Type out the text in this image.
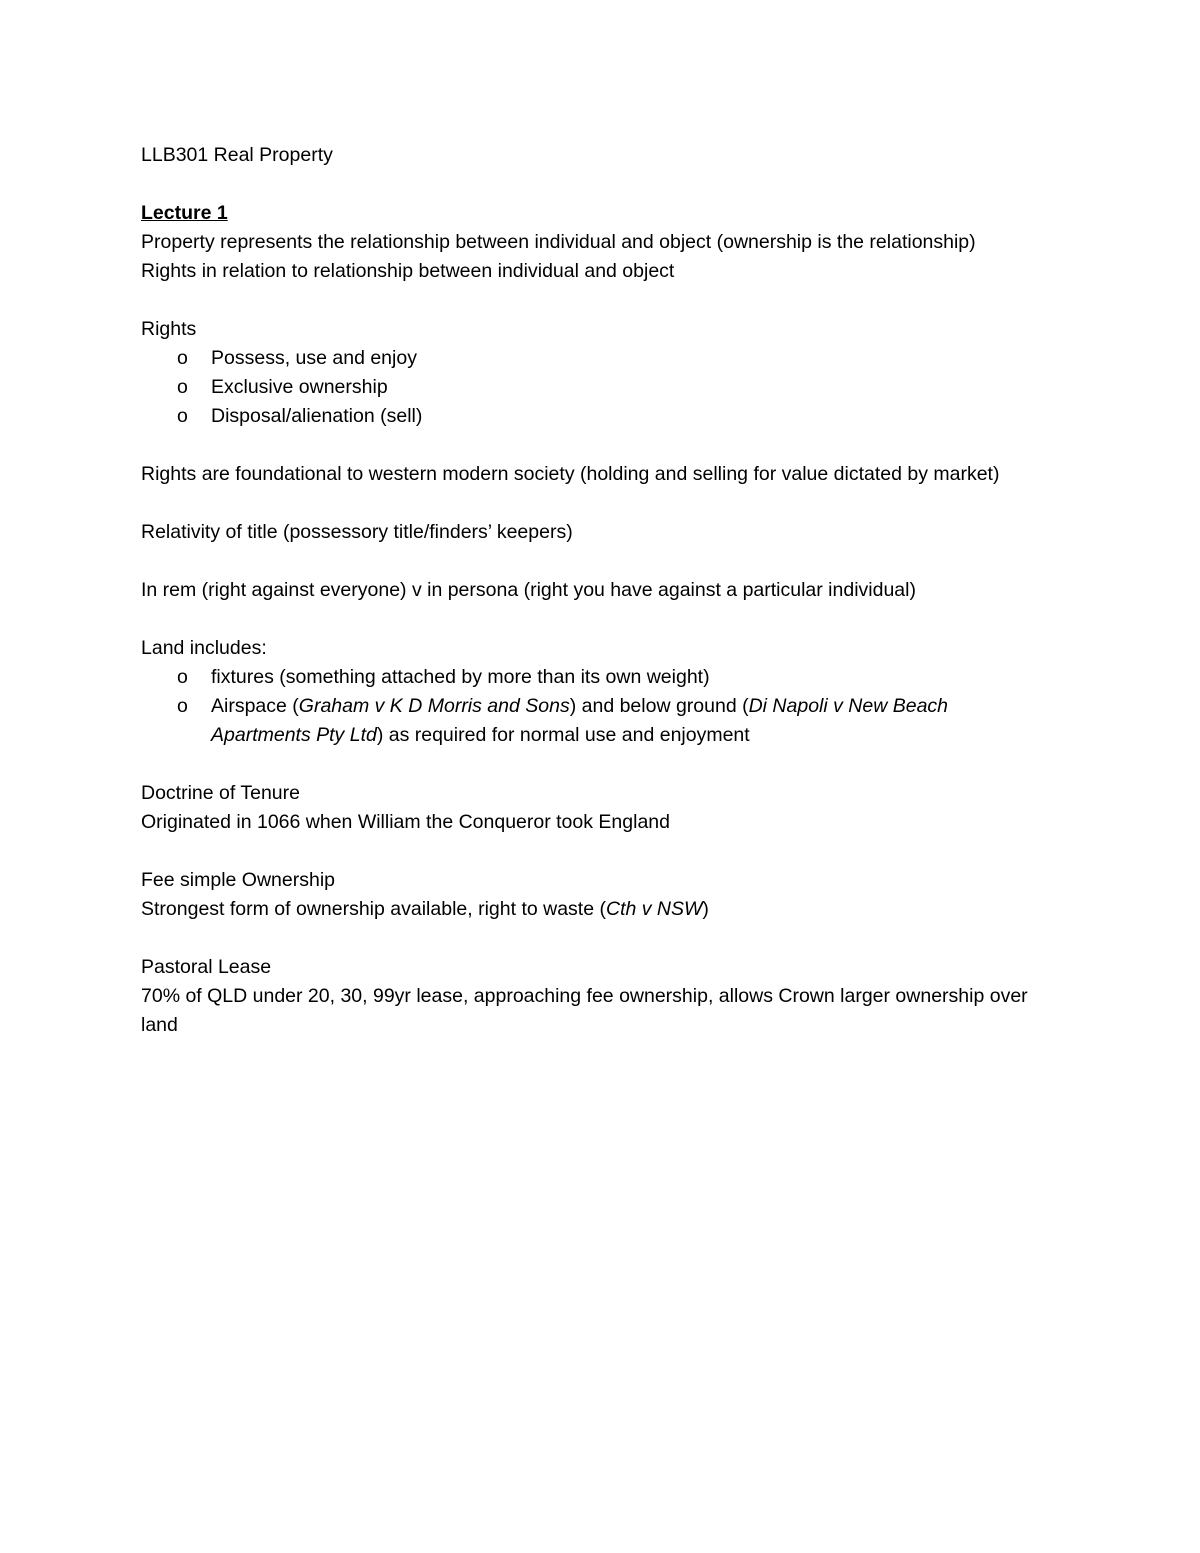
LLB301 Real Property

Lecture 1

Property represents the relationship between individual and object (ownership is the relationship)

Rights in relation to relationship between individual and object

Rights

o	Possess, use and enjoy
o	Exclusive ownership
o	Disposal/alienation (sell)

Rights are foundational to western modern society (holding and selling for value dictated by market)

Relativity of title (possessory title/finders’ keepers)

In rem (right against everyone) v in persona (right you have against a particular individual)

Land includes:

o	fixtures (something attached by more than its own weight)
o	Airspace (Graham v K D Morris and Sons) and below ground (Di Napoli v New Beach Apartments Pty Ltd) as required for normal use and enjoyment

Doctrine of Tenure

Originated in 1066 when William the Conqueror took England

Fee simple Ownership

Strongest form of ownership available, right to waste (Cth v NSW)

Pastoral Lease

70% of QLD under 20, 30, 99yr lease, approaching fee ownership, allows Crown larger ownership over land
